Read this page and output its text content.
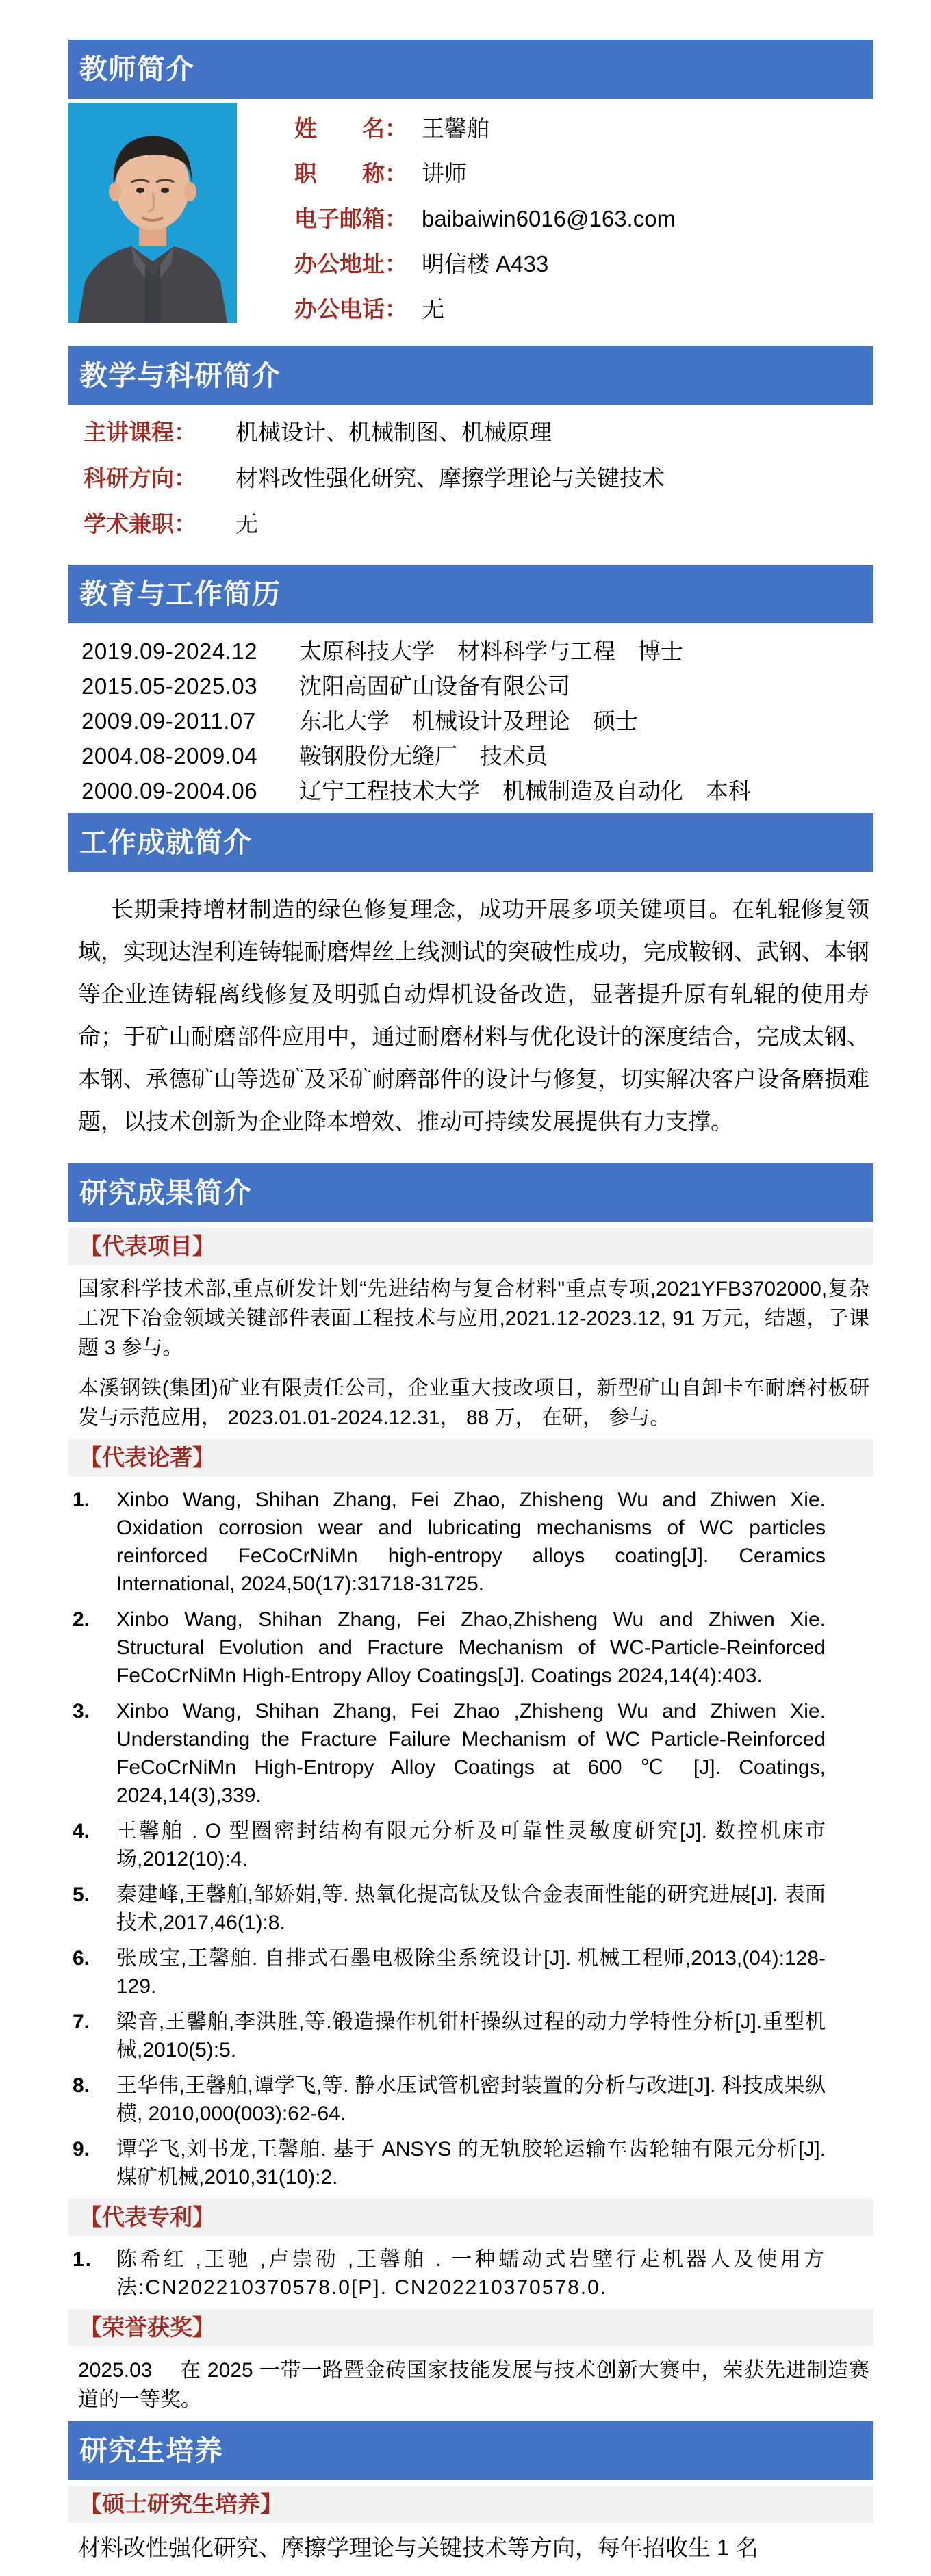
教师简介
姓　　名： 王馨舶
职　　称： 讲师
电子邮箱： baibaiwin6016@163.com
办公地址： 明信楼 A433
办公电话： 无
教学与科研简介
主讲课程：	机械设计、机械制图、机械原理
科研方向：	材料改性强化研究、摩擦学理论与关键技术
学术兼职：	无
教育与工作简历
2019.09-2024.12	太原科技大学　材料科学与工程　博士
2015.05-2025.03	沈阳高固矿山设备有限公司
2009.09-2011.07	东北大学　机械设计及理论　硕士
2004.08-2009.04	鞍钢股份无缝厂　技术员
2000.09-2004.06	辽宁工程技术大学　机械制造及自动化　本科
工作成就简介
长期秉持增材制造的绿色修复理念，成功开展多项关键项目。在轧辊修复领域，实现达涅利连铸辊耐磨焊丝上线测试的突破性成功，完成鞍钢、武钢、本钢等企业连铸辊离线修复及明弧自动焊机设备改造，显著提升原有轧辊的使用寿命；于矿山耐磨部件应用中，通过耐磨材料与优化设计的深度结合，完成太钢、本钢、承德矿山等选矿及采矿耐磨部件的设计与修复，切实解决客户设备磨损难题，以技术创新为企业降本增效、推动可持续发展提供有力支撑。
研究成果简介
【代表项目】
国家科学技术部,重点研发计划“先进结构与复合材料"重点专项,2021YFB3702000,复杂工况下冶金领域关键部件表面工程技术与应用,2021.12-2023.12, 91 万元，结题，子课题 3 参与。
本溪钢铁(集团)矿业有限责任公司，企业重大技改项目，新型矿山自卸卡车耐磨衬板研发与示范应用， 2023.01.01-2024.12.31， 88 万， 在研， 参与。
【代表论著】
1. Xinbo Wang, Shihan Zhang, Fei Zhao, Zhisheng Wu and Zhiwen Xie. Oxidation corrosion wear and lubricating mechanisms of WC particles reinforced FeCoCrNiMn high-entropy alloys coating[J]. Ceramics International, 2024,50(17):31718-31725.
2. Xinbo Wang, Shihan Zhang, Fei Zhao,Zhisheng Wu and Zhiwen Xie. Structural Evolution and Fracture Mechanism of WC-Particle-Reinforced FeCoCrNiMn High-Entropy Alloy Coatings[J]. Coatings 2024,14(4):403.
3. Xinbo Wang, Shihan Zhang, Fei Zhao ,Zhisheng Wu and Zhiwen Xie. Understanding the Fracture Failure Mechanism of WC Particle-Reinforced FeCoCrNiMn High-Entropy Alloy Coatings at 600 ℃ [J]. Coatings, 2024,14(3),339.
4. 王馨舶 . O 型圈密封结构有限元分析及可靠性灵敏度研究[J]. 数控机床市场,2012(10):4.
5. 秦建峰,王馨舶,邹娇娟,等. 热氧化提高钛及钛合金表面性能的研究进展[J]. 表面技术,2017,46(1):8.
6. 张成宝,王馨舶. 自排式石墨电极除尘系统设计[J]. 机械工程师,2013,(04):128-129.
7. 梁音,王馨舶,李洪胜,等.锻造操作机钳杆操纵过程的动力学特性分析[J].重型机械,2010(5):5.
8. 王华伟,王馨舶,谭学飞,等. 静水压试管机密封装置的分析与改进[J]. 科技成果纵横, 2010,000(003):62-64.
9. 谭学飞,刘书龙,王馨舶. 基于 ANSYS 的无轨胶轮运输车齿轮轴有限元分析[J]. 煤矿机械,2010,31(10):2.
【代表专利】
1. 陈希红 ,王驰 ,卢崇劭 ,王馨舶 . 一种蠕动式岩壁行走机器人及使用方法:CN202210370578.0[P]. CN202210370578.0.
【荣誉获奖】
2025.03　 在 2025 一带一路暨金砖国家技能发展与技术创新大赛中，荣获先进制造赛道的一等奖。
研究生培养
【硕士研究生培养】
材料改性强化研究、摩擦学理论与关键技术等方向，每年招收生 1 名
